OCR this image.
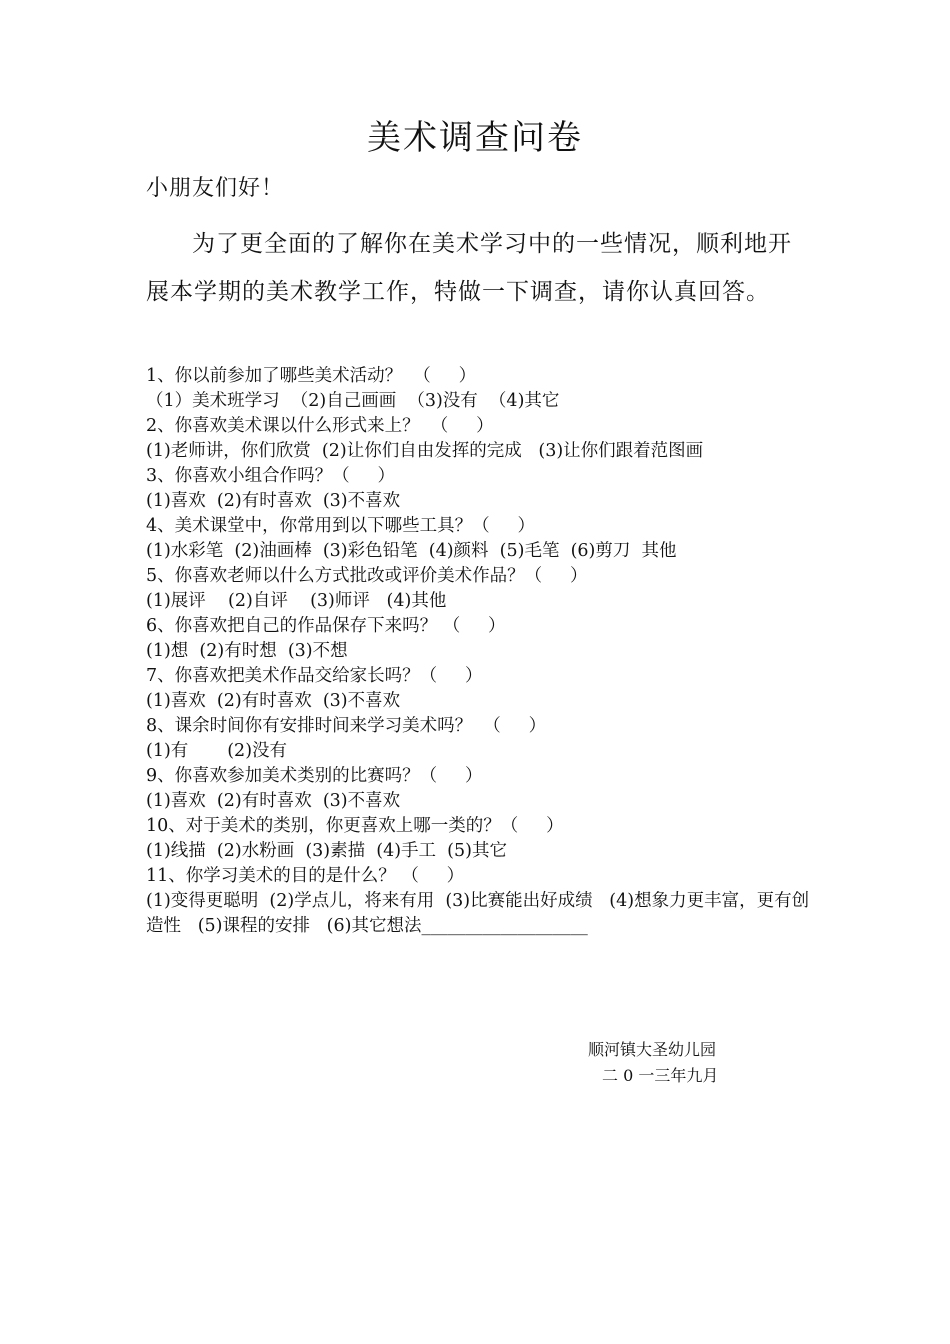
美术调查问卷
小朋友们好！
为了更全面的了解你在美术学习中的一些情况，顺利地开展本学期的美术教学工作，特做一下调查，请你认真回答。
1、你以前参加了哪些美术活动？  （     ）
（1）美术班学习  （2)自己画画  （3)没有  （4)其它
2、你喜欢美术课以什么形式来上？  （     ）
(1)老师讲，你们欣赏  (2)让你们自由发挥的完成   (3)让你们跟着范图画
3、你喜欢小组合作吗？（     ）
(1)喜欢  (2)有时喜欢  (3)不喜欢
4、美术课堂中，你常用到以下哪些工具？（     ）
(1)水彩笔  (2)油画棒  (3)彩色铅笔  (4)颜料  (5)毛笔  (6)剪刀  其他
5、你喜欢老师以什么方式批改或评价美术作品？（     ）
(1)展评    (2)自评    (3)师评   (4)其他
6、你喜欢把自己的作品保存下来吗？ （     ）
(1)想  (2)有时想  (3)不想
7、你喜欢把美术作品交给家长吗？（     ）
(1)喜欢  (2)有时喜欢  (3)不喜欢
8、课余时间你有安排时间来学习美术吗？  （     ）
(1)有       (2)没有
9、你喜欢参加美术类别的比赛吗？（     ）
(1)喜欢  (2)有时喜欢  (3)不喜欢
10、对于美术的类别，你更喜欢上哪一类的？（     ）
(1)线描  (2)水粉画  (3)素描  (4)手工  (5)其它
11、你学习美术的目的是什么？ （     ）
(1)变得更聪明  (2)学点儿，将来有用  (3)比赛能出好成绩   (4)想象力更丰富，更有创造性   (5)课程的安排   (6)其它想法___________________
顺河镇大圣幼儿园
二 0 一三年九月
